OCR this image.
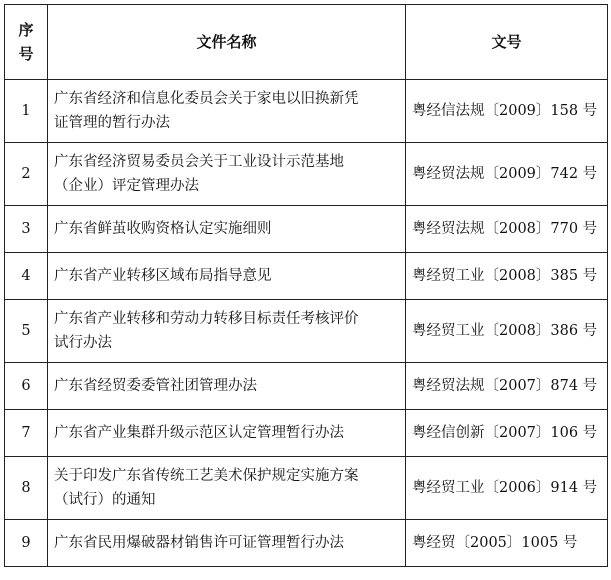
序
号	文件名称	文号
1	广东省经济和信息化委员会关于家电以旧换新凭
证管理的暂行办法	粤经信法规〔2009〕158 号
2	广东省经济贸易委员会关于工业设计示范基地
（企业）评定管理办法	粤经贸法规〔2009〕742 号
3	广东省鲜茧收购资格认定实施细则	粤经贸法规〔2008〕770 号
4	广东省产业转移区域布局指导意见	粤经贸工业〔2008〕385 号
5	广东省产业转移和劳动力转移目标责任考核评价
试行办法	粤经贸工业〔2008〕386 号
6	广东省经贸委委管社团管理办法	粤经贸法规〔2007〕874 号
7	广东省产业集群升级示范区认定管理暂行办法	粤经信创新〔2007〕106 号
8	关于印发广东省传统工艺美术保护规定实施方案
（试行）的通知	粤经贸工业〔2006〕914 号
9	广东省民用爆破器材销售许可证管理暂行办法	粤经贸〔2005〕1005 号
